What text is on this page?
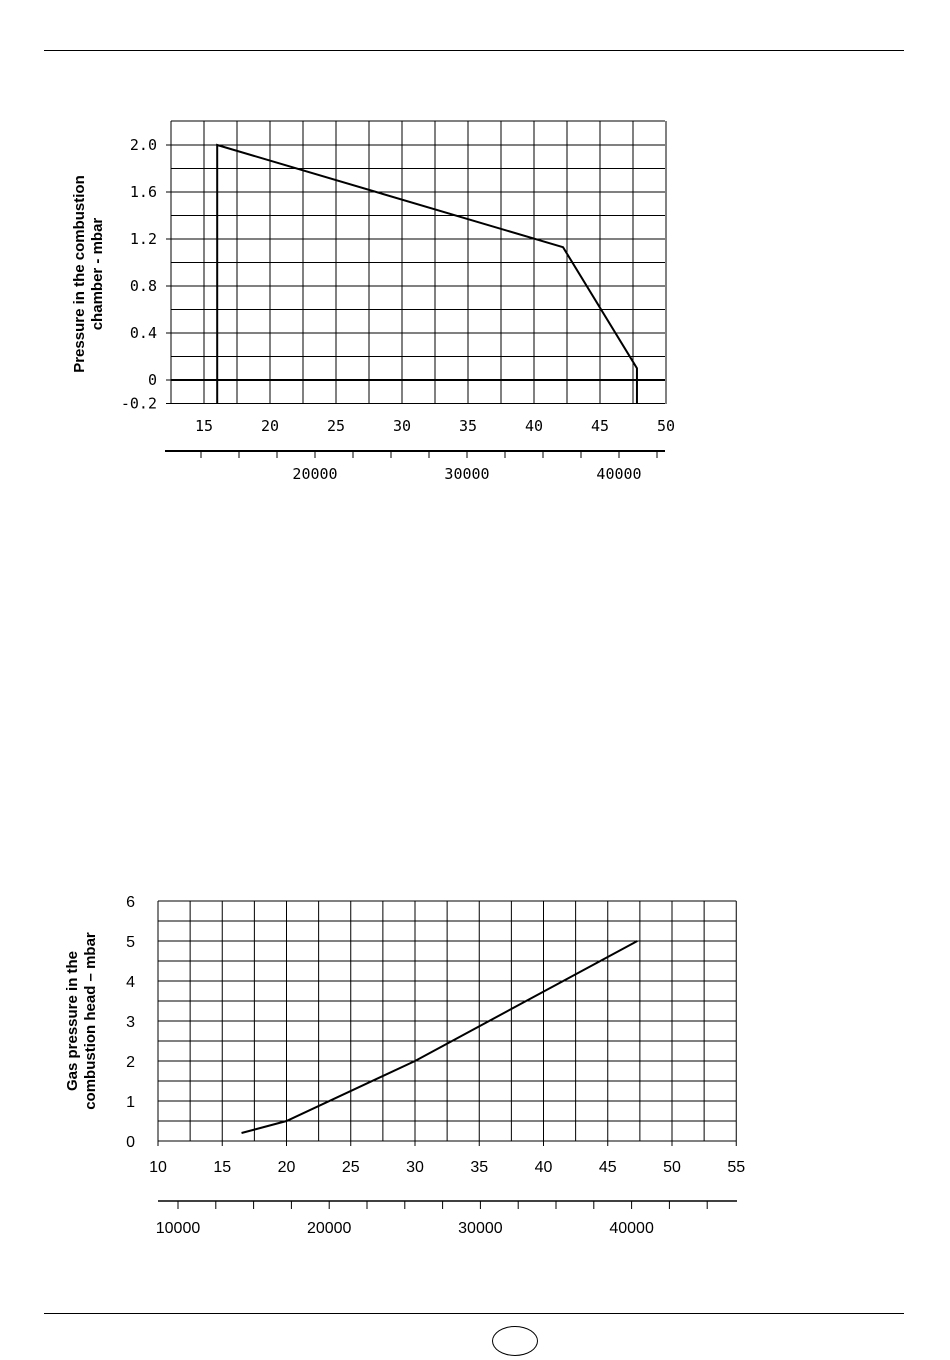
Pressure in the combustion chamber - mbar
Gas pressure in the combustion head – mbar
2.0
1.6
1.2
0.8
0.4
0
-0.2
15	20	25	30	35	40	45	50
20000	30000	40000
0
1
2
3
4
5
6
10	15	20	25	30	35	40	45	50	55
10000	20000	30000	40000
